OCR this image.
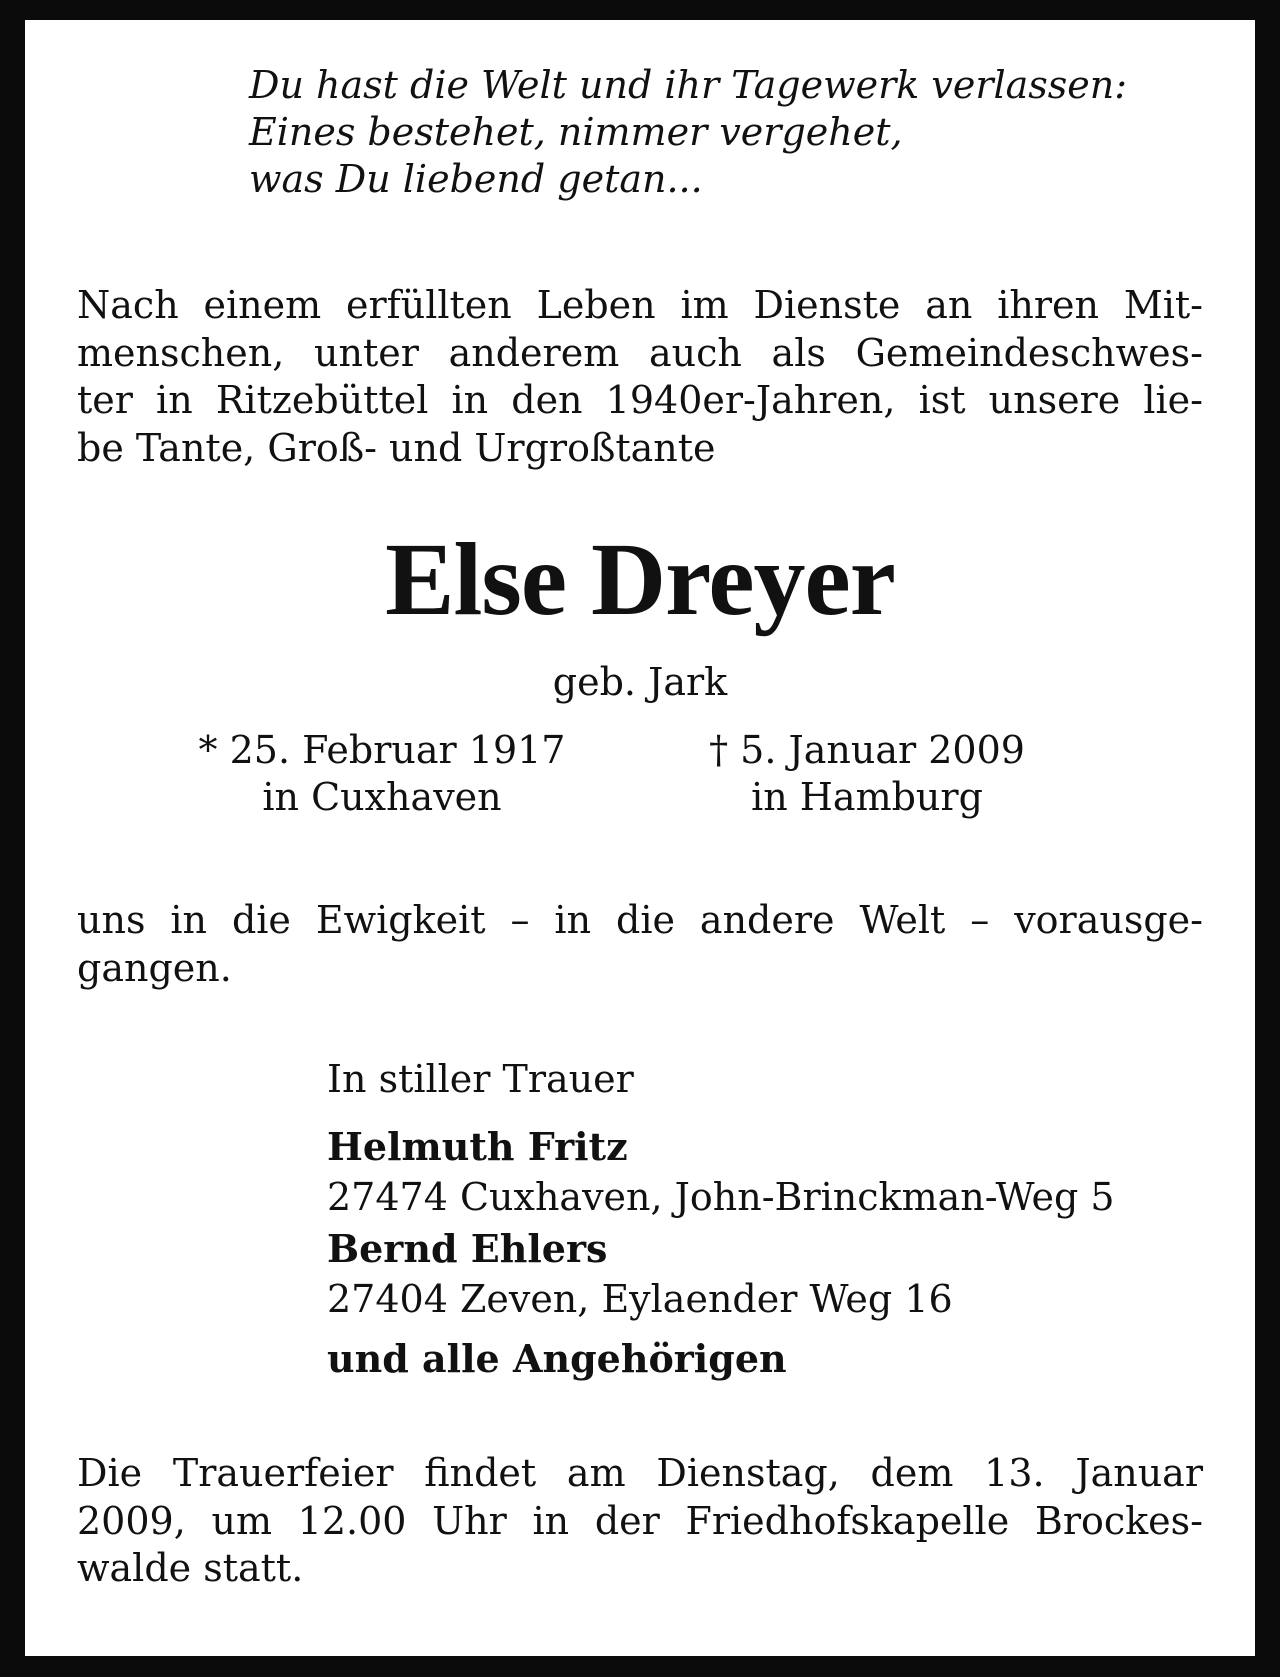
Du hast die Welt und ihr Tagewerk verlassen:
Eines bestehet, nimmer vergehet,
was Du liebend getan...
Nach einem erfüllten Leben im Dienste an ihren Mit-
menschen, unter anderem auch als Gemeindeschwes-
ter in Ritzebüttel in den 1940er-Jahren, ist unsere lie-
be Tante, Groß- und Urgroßtante
Else Dreyer
geb. Jark
* 25. Februar 1917
in Cuxhaven
† 5. Januar 2009
in Hamburg
uns in die Ewigkeit – in die andere Welt – vorausge-
gangen.
In stiller Trauer
Helmuth Fritz
27474 Cuxhaven, John-Brinckman-Weg 5
Bernd Ehlers
27404 Zeven, Eylaender Weg 16
und alle Angehörigen
Die Trauerfeier findet am Dienstag, dem 13. Januar
2009, um 12.00 Uhr in der Friedhofskapelle Brockes-
walde statt.
